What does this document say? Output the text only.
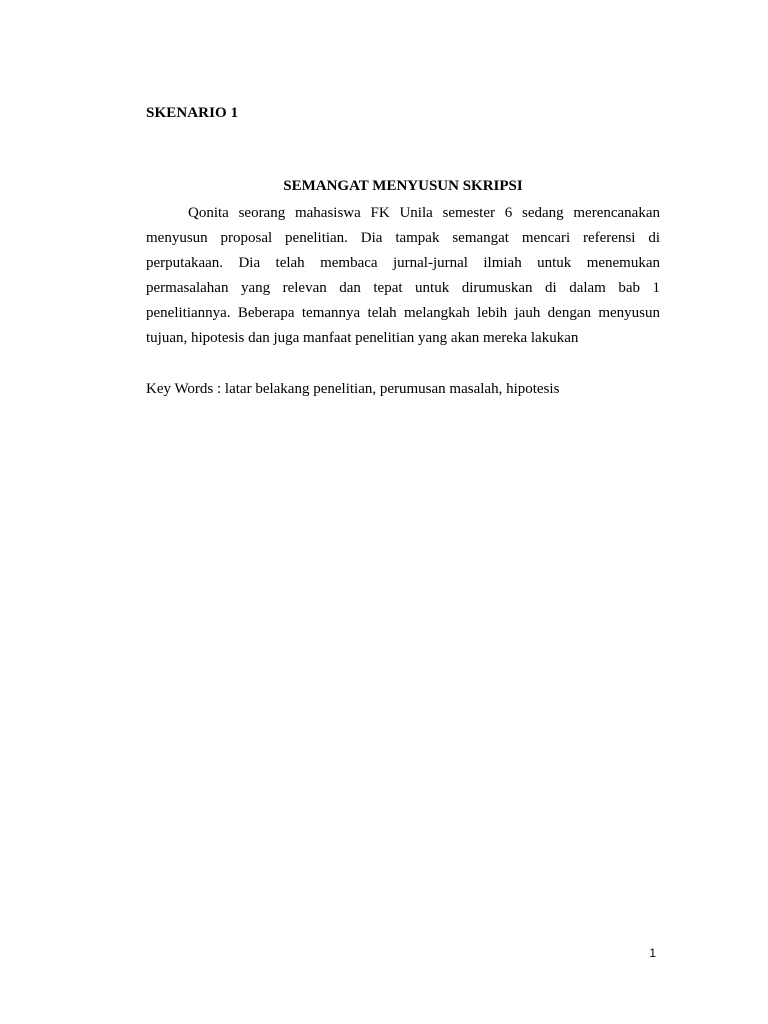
SKENARIO 1
SEMANGAT MENYUSUN SKRIPSI

Qonita seorang mahasiswa FK Unila semester 6 sedang merencanakan menyusun proposal penelitian. Dia tampak semangat mencari referensi di perputakaan. Dia telah membaca jurnal-jurnal ilmiah untuk menemukan permasalahan yang relevan dan tepat untuk dirumuskan di dalam bab 1 penelitiannya. Beberapa temannya telah melangkah lebih jauh dengan menyusun tujuan, hipotesis dan juga manfaat penelitian yang akan mereka lakukan

Key Words : latar belakang penelitian, perumusan masalah, hipotesis

1
